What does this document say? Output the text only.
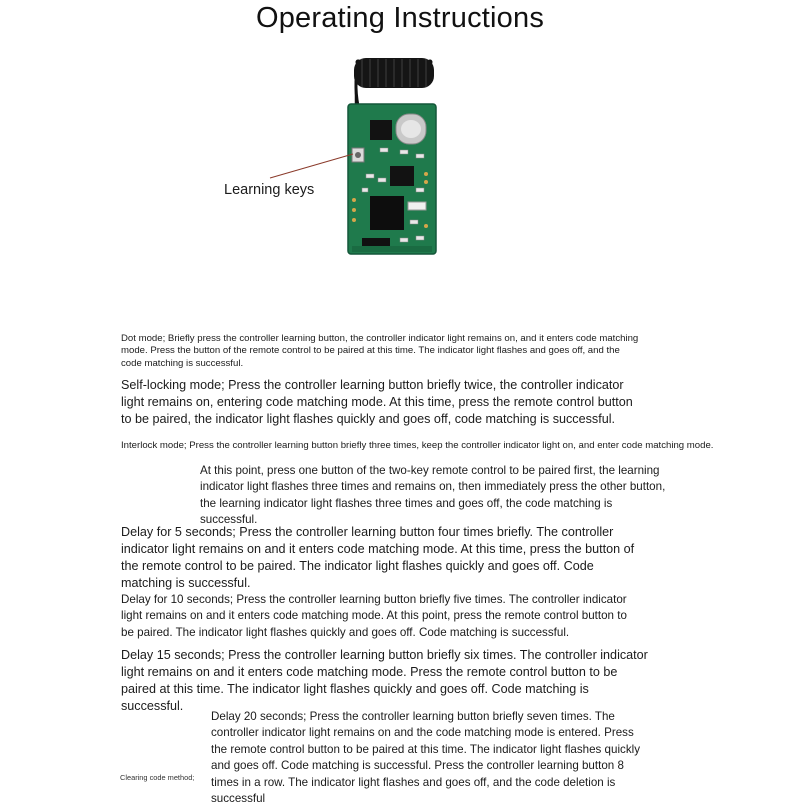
Operating Instructions
Learning keys

Dot mode; Briefly press the controller learning button, the controller indicator light remains on, and it enters code matching mode. Press the button of the remote control to be paired at this time. The indicator light flashes and goes off, and the code matching is successful.

Self-locking mode; Press the controller learning button briefly twice, the controller indicator light remains on, entering code matching mode. At this time, press the remote control button to be paired, the indicator light flashes quickly and goes off, code matching is successful.

Interlock mode; Press the controller learning button briefly three times, keep the controller indicator light on, and enter code matching mode.

At this point, press one button of the two-key remote control to be paired first, the learning indicator light flashes three times and remains on, then immediately press the other button, the learning indicator light flashes three times and goes off, the code matching is successful.

Delay for 5 seconds; Press the controller learning button four times briefly. The controller indicator light remains on and it enters code matching mode. At this time, press the button of the remote control to be paired. The indicator light flashes quickly and goes off. Code matching is successful.

Delay for 10 seconds; Press the controller learning button briefly five times. The controller indicator light remains on and it enters code matching mode. At this point, press the remote control button to be paired. The indicator light flashes quickly and goes off. Code matching is successful.

Delay 15 seconds; Press the controller learning button briefly six times. The controller indicator light remains on and it enters code matching mode. Press the remote control button to be paired at this time. The indicator light flashes quickly and goes off. Code matching is successful.

Delay 20 seconds; Press the controller learning button briefly seven times. The controller indicator light remains on and the code matching mode is entered. Press the remote control button to be paired at this time. The indicator light flashes quickly and goes off. Code matching is successful. Press the controller learning button 8 times in a row. The indicator light flashes and goes off, and the code deletion is successful

Clearing code method;
